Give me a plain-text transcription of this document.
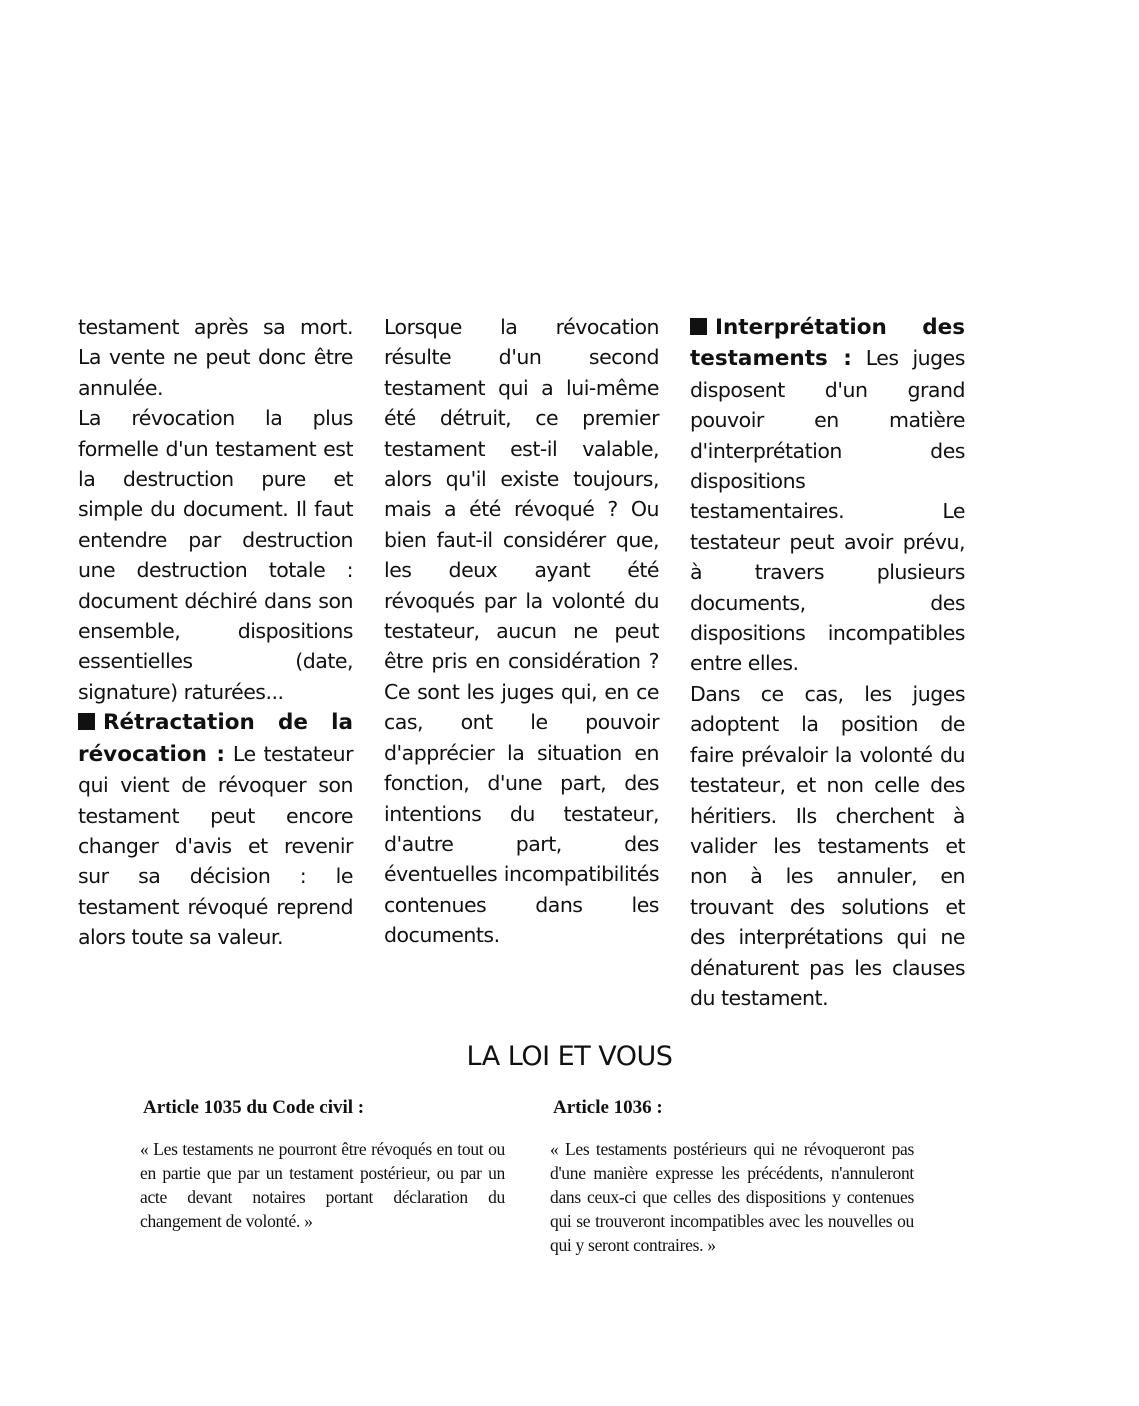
testament après sa mort. La vente ne peut donc être annulée.

La révocation la plus formelle d'un testament est la destruction pure et simple du document. Il faut entendre par destruction une destruction totale : document déchiré dans son ensemble, dispositions essentielles (date, signature) raturées...

Rétractation de la révocation : Le testateur qui vient de révoquer son testament peut encore changer d'avis et revenir sur sa décision : le testament révoqué reprend alors toute sa valeur.

Lorsque la révocation résulte d'un second testament qui a lui-même été détruit, ce premier testament est-il valable, alors qu'il existe toujours, mais a été révoqué ? Ou bien faut-il considérer que, les deux ayant été révoqués par la volonté du testateur, aucun ne peut être pris en considération ? Ce sont les juges qui, en ce cas, ont le pouvoir d'apprécier la situation en fonction, d'une part, des intentions du testateur, d'autre part, des éventuelles incompatibilités contenues dans les documents.

Interprétation des testaments : Les juges disposent d'un grand pouvoir en matière d'interprétation des dispositions testamentaires. Le testateur peut avoir prévu, à travers plusieurs documents, des dispositions incompatibles entre elles.

Dans ce cas, les juges adoptent la position de faire prévaloir la volonté du testateur, et non celle des héritiers. Ils cherchent à valider les testaments et non à les annuler, en trouvant des solutions et des interprétations qui ne dénaturent pas les clauses du testament.

LA LOI ET VOUS

Article 1035 du Code civil :

« Les testaments ne pourront être révoqués en tout ou en partie que par un testament postérieur, ou par un acte devant notaires portant déclaration du changement de volonté. »

Article 1036 :

« Les testaments postérieurs qui ne révoqueront pas d'une manière expresse les précédents, n'annuleront dans ceux-ci que celles des dispositions y contenues qui se trouveront incompatibles avec les nouvelles ou qui y seront contraires. »
